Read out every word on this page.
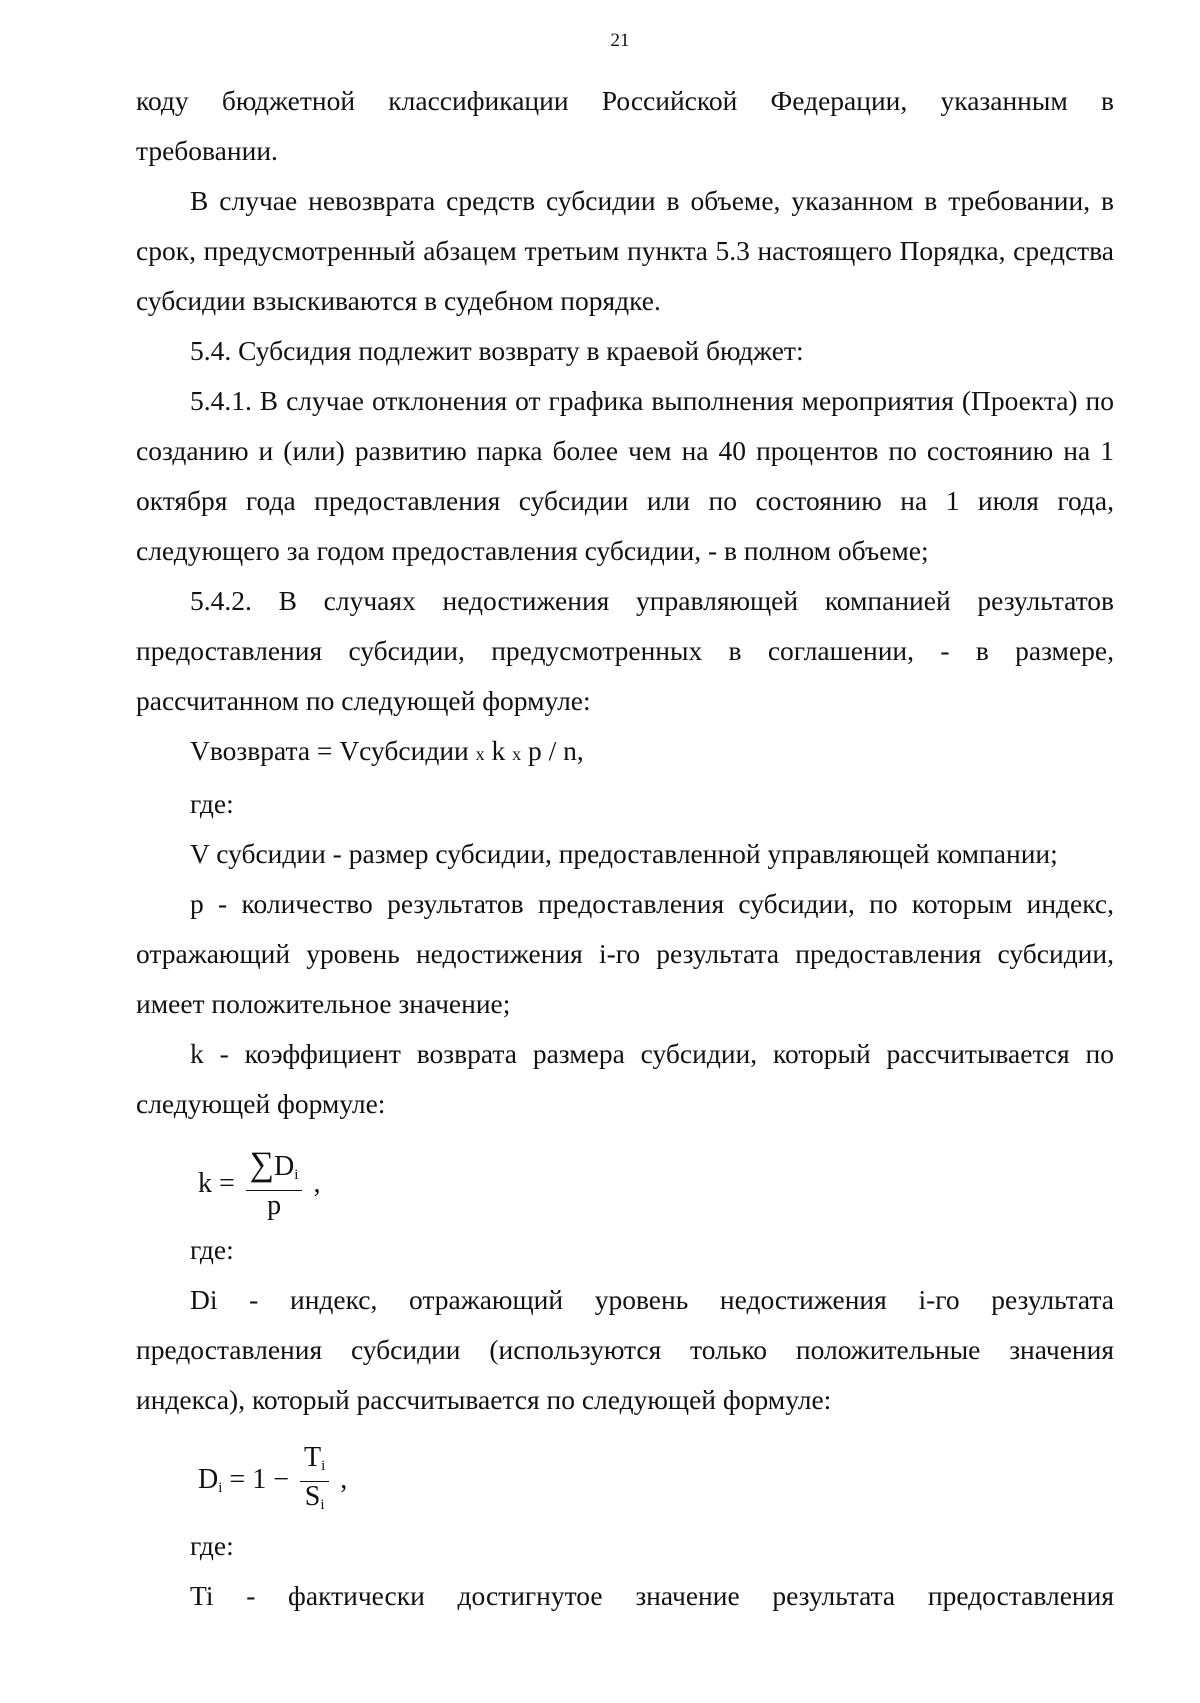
21

коду бюджетной классификации Российской Федерации, указанным в

требовании.

В случае невозврата средств субсидии в объеме, указанном в требовании, в срок, предусмотренный абзацем третьим пункта 5.3 настоящего Порядка, средства субсидии взыскиваются в судебном порядке.

5.4. Субсидия подлежит возврату в краевой бюджет:

5.4.1. В случае отклонения от графика выполнения мероприятия (Проекта) по созданию и (или) развитию парка более чем на 40 процентов по состоянию на 1 октября года предоставления субсидии или по состоянию на 1 июля года, следующего за годом предоставления субсидии, - в полном объеме;

5.4.2. В случаях недостижения управляющей компанией результатов предоставления субсидии, предусмотренных в соглашении, - в размере, рассчитанном по следующей формуле:

Vвозврата = Vсубсидии x k x p / n,

где:

V субсидии - размер субсидии, предоставленной управляющей компании;

p - количество результатов предоставления субсидии, по которым индекс, отражающий уровень недостижения i-го результата предоставления субсидии, имеет положительное значение;

k - коэффициент возврата размера субсидии, который рассчитывается по следующей формуле:

$k = \frac{\sum D_i}{p}$ ,

где:

Di - индекс, отражающий уровень недостижения i-го результата предоставления субсидии (используются только положительные значения индекса), который рассчитывается по следующей формуле:

$D_i = 1 - \frac{T_i}{S_i}$ ,

где:

Ti - фактически достигнутое значение результата предоставления
